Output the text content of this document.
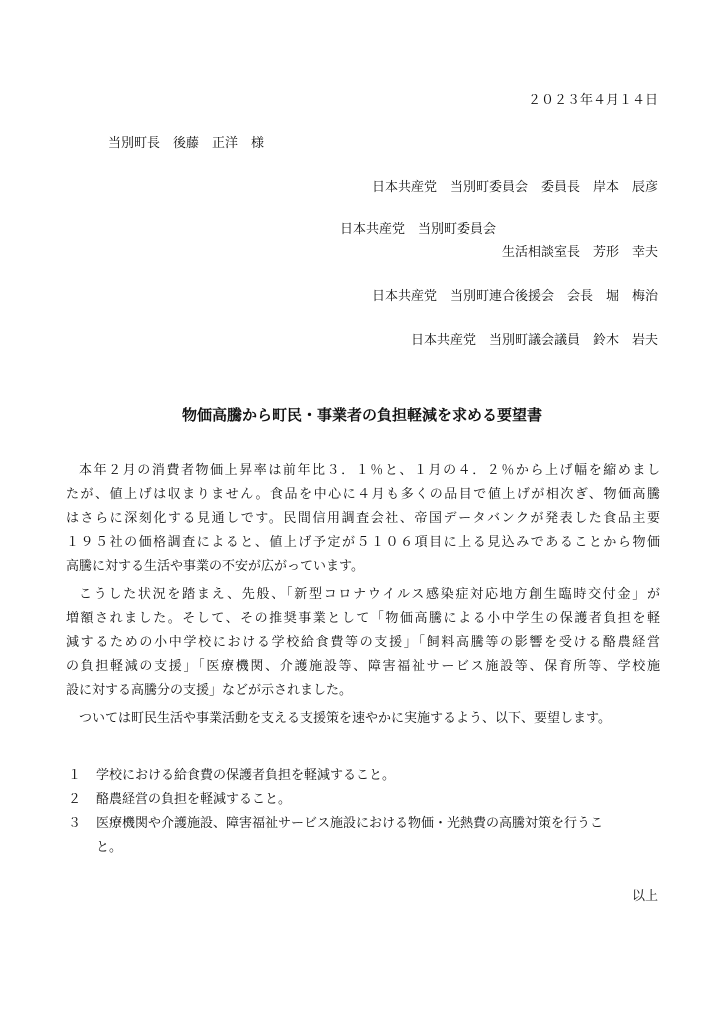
２０２３年４月１４日
当別町長　後藤　正洋　様
日本共産党　当別町委員会　委員長　岸本　辰彦
日本共産党　当別町委員会
生活相談室長　芳形　幸夫
日本共産党　当別町連合後援会　会長　堀　梅治
日本共産党　当別町議会議員　鈴木　岩夫
物価高騰から町民・事業者の負担軽減を求める要望書
本年２月の消費者物価上昇率は前年比３．１％と、１月の４．２％から上げ幅を縮めまし
たが、値上げは収まりません。食品を中心に４月も多くの品目で値上げが相次ぎ、物価高騰
はさらに深刻化する見通しです。民間信用調査会社、帝国データバンクが発表した食品主要
１９５社の価格調査によると、値上げ予定が５１０６項目に上る見込みであることから物価
高騰に対する生活や事業の不安が広がっています。
こうした状況を踏まえ、先般、「新型コロナウイルス感染症対応地方創生臨時交付金」が
増額されました。そして、その推奨事業として「物価高騰による小中学生の保護者負担を軽
減するための小中学校における学校給食費等の支援」「飼料高騰等の影響を受ける酪農経営
の負担軽減の支援」「医療機関、介護施設等、障害福祉サービス施設等、保育所等、学校施
設に対する高騰分の支援」などが示されました。
ついては町民生活や事業活動を支える支援策を速やかに実施するよう、以下、要望します。
１ 学校における給食費の保護者負担を軽減すること。
２ 酪農経営の負担を軽減すること。
３ 医療機関や介護施設、障害福祉サービス施設における物価・光熱費の高騰対策を行うこ
と。
以上
